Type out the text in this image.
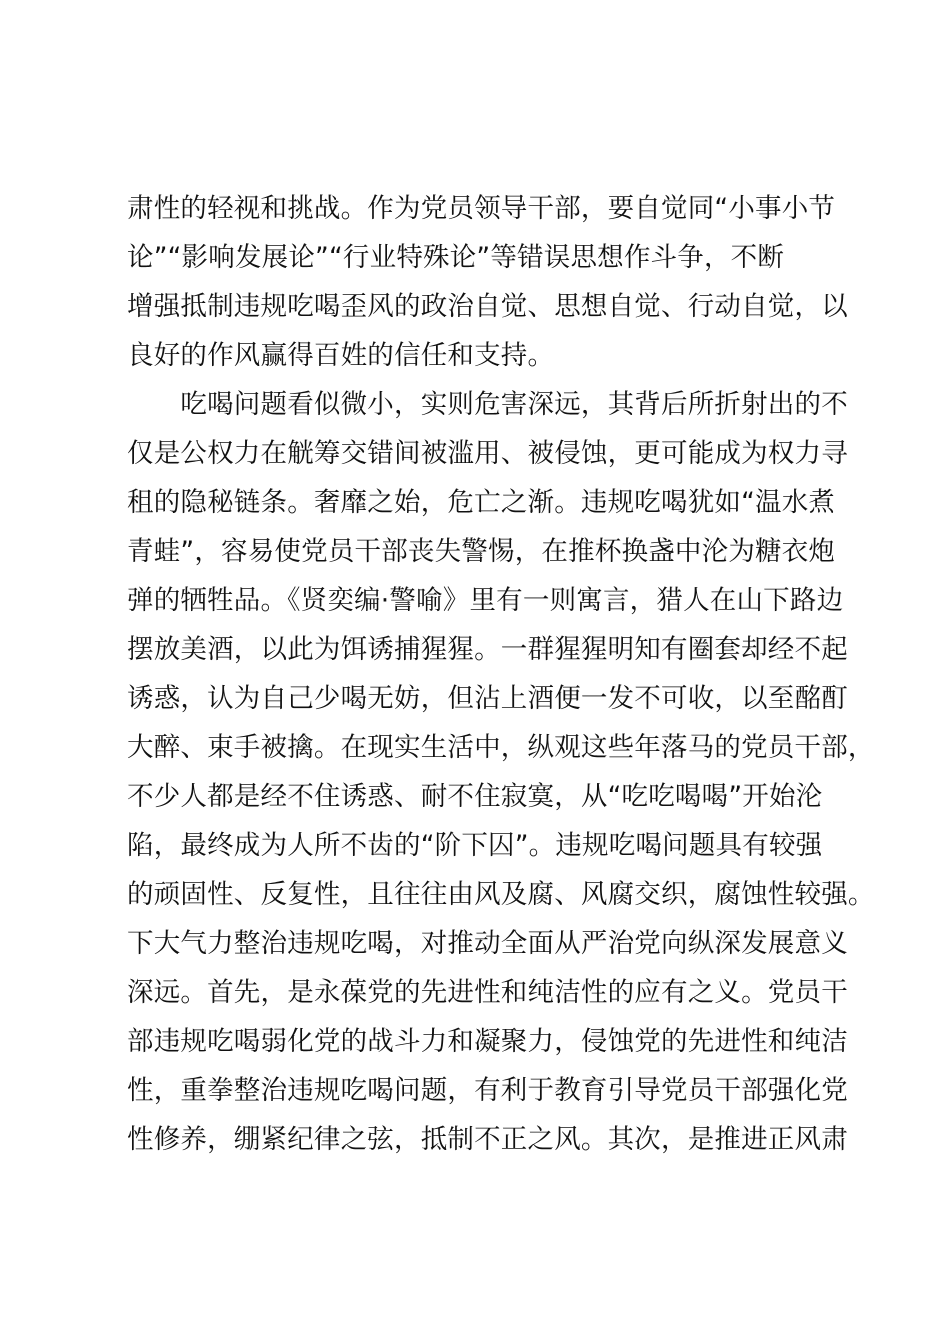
肃性的轻视和挑战。作为党员领导干部，要自觉同“小事小节
论”“影响发展论”“行业特殊论”等错误思想作斗争，不断
增强抵制违规吃喝歪风的政治自觉、思想自觉、行动自觉，以
良好的作风赢得百姓的信任和支持。
　　吃喝问题看似微小，实则危害深远，其背后所折射出的不
仅是公权力在觥筹交错间被滥用、被侵蚀，更可能成为权力寻
租的隐秘链条。奢靡之始，危亡之渐。违规吃喝犹如“温水煮
青蛙”，容易使党员干部丧失警惕，在推杯换盏中沦为糖衣炮
弹的牺牲品。《贤奕编·警喻》里有一则寓言，猎人在山下路边
摆放美酒，以此为饵诱捕猩猩。一群猩猩明知有圈套却经不起
诱惑，认为自己少喝无妨，但沾上酒便一发不可收，以至酩酊
大醉、束手被擒。在现实生活中，纵观这些年落马的党员干部，
不少人都是经不住诱惑、耐不住寂寞，从“吃吃喝喝”开始沦
陷，最终成为人所不齿的“阶下囚”。违规吃喝问题具有较强
的顽固性、反复性，且往往由风及腐、风腐交织，腐蚀性较强。
下大气力整治违规吃喝，对推动全面从严治党向纵深发展意义
深远。首先，是永葆党的先进性和纯洁性的应有之义。党员干
部违规吃喝弱化党的战斗力和凝聚力，侵蚀党的先进性和纯洁
性，重拳整治违规吃喝问题，有利于教育引导党员干部强化党
性修养，绷紧纪律之弦，抵制不正之风。其次，是推进正风肃
